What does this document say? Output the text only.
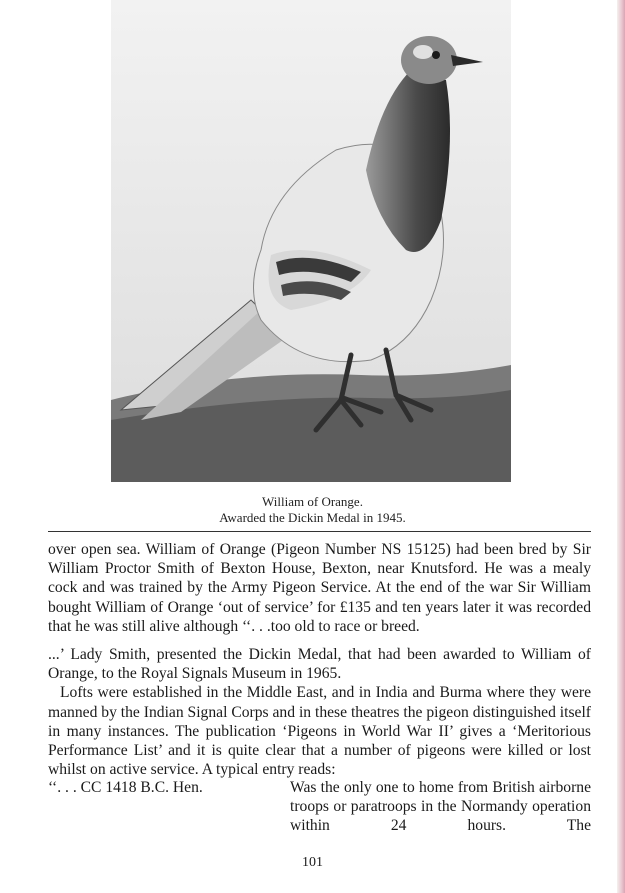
William of Orange.
Awarded the Dickin Medal in 1945.

over open sea. William of Orange (Pigeon Number NS 15125) had been bred by Sir William Proctor Smith of Bexton House, Bexton, near Knutsford. He was a mealy cock and was trained by the Army Pigeon Service. At the end of the war Sir William bought William of Orange ‘out of service’ for £135 and ten years later it was recorded that he was still alive although ‘‘. . .too old to race or breed.

...’ Lady Smith, presented the Dickin Medal, that had been awarded to William of Orange, to the Royal Signals Museum in 1965.

Lofts were established in the Middle East, and in India and Burma where they were manned by the Indian Signal Corps and in these theatres the pigeon distinguished itself in many instances. The publication ‘Pigeons in World War II’ gives a ‘Meritorious Performance List’ and it is quite clear that a number of pigeons were killed or lost whilst on active service. A typical entry reads:

‘‘. . . CC 1418 B.C. Hen.	Was the only one to home from British airborne troops or paratroops in the Normandy operation within 24 hours. The
101
